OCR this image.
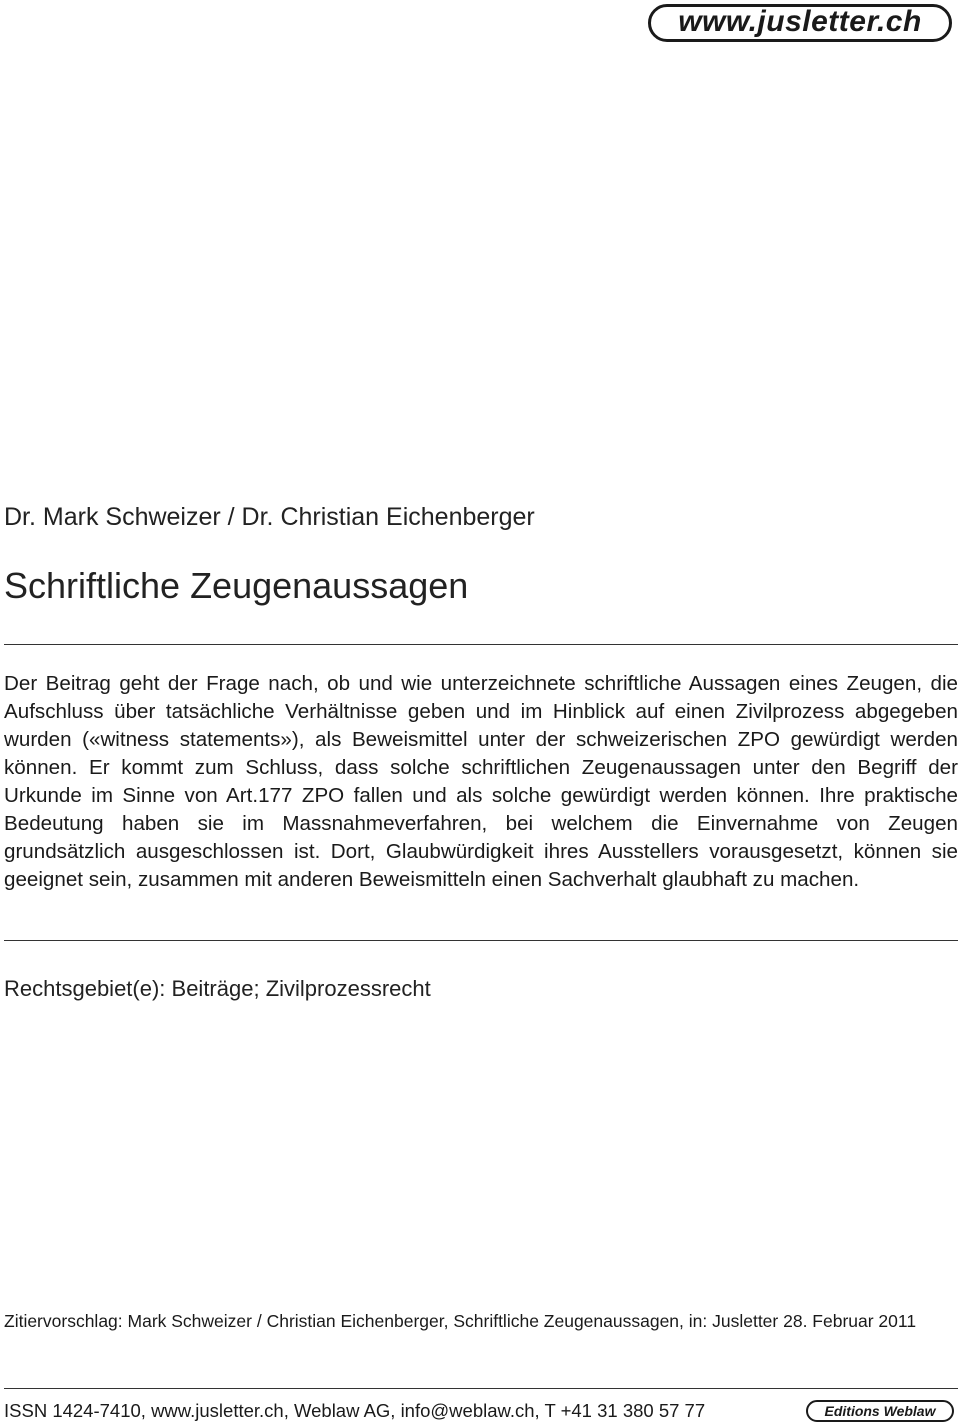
www.jusletter.ch
Dr. Mark Schweizer / Dr. Christian Eichenberger
Schriftliche Zeugenaussagen

Der Beitrag geht der Frage nach, ob und wie unterzeichnete schriftliche Aussagen eines Zeugen, die Aufschluss über tatsächliche Verhältnisse geben und im Hinblick auf einen Zivilprozess abgegeben wurden («witness statements»), als Beweismittel unter der schweizerischen ZPO gewürdigt werden können. Er kommt zum Schluss, dass solche schriftlichen Zeugenaussagen unter den Begriff der Urkunde im Sinne von Art.177 ZPO fallen und als solche gewürdigt werden können. Ihre praktische Bedeutung haben sie im Massnahmeverfahren, bei welchem die Einvernahme von Zeugen grundsätzlich ausgeschlossen ist. Dort, Glaubwürdigkeit ihres Ausstellers vorausgesetzt, können sie geeignet sein, zusammen mit anderen Beweismitteln einen Sachverhalt glaubhaft zu machen.

Rechtsgebiet(e): Beiträge; Zivilprozessrecht

Zitiervorschlag: Mark Schweizer / Christian Eichenberger, Schriftliche Zeugenaussagen, in: Jusletter 28. Februar 2011

ISSN 1424-7410, www.jusletter.ch, Weblaw AG, info@weblaw.ch, T +41 31 380 57 77	Editions Weblaw
